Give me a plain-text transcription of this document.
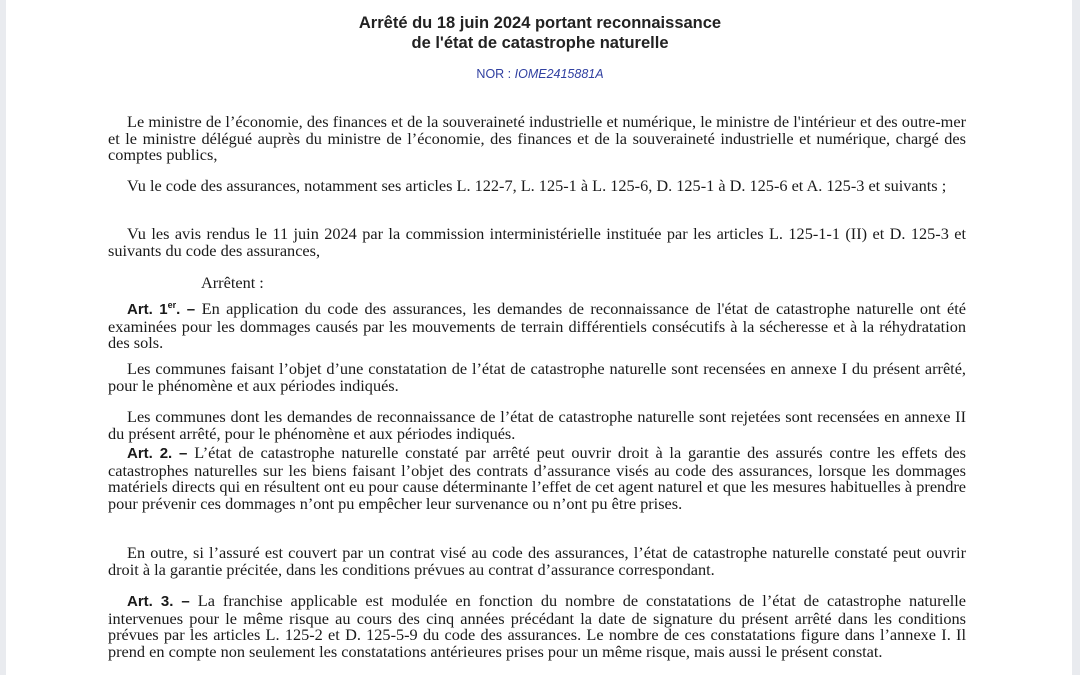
Arrêté du 18 juin 2024 portant reconnaissance
de l'état de catastrophe naturelle
NOR : IOME2415881A

Le ministre de l’économie, des finances et de la souveraineté industrielle et numérique, le ministre de l'intérieur et des outre-mer et le ministre délégué auprès du ministre de l’économie, des finances et de la souveraineté industrielle et numérique, chargé des comptes publics,

Vu le code des assurances, notamment ses articles L. 122-7, L. 125-1 à L. 125-6, D. 125-1 à D. 125-6 et A. 125-3 et suivants ;

Vu les avis rendus le 11 juin 2024 par la commission interministérielle instituée par les articles L. 125-1-1 (II) et D. 125-3 et suivants du code des assurances,

Arrêtent :

Art. 1er. – En application du code des assurances, les demandes de reconnaissance de l'état de catastrophe naturelle ont été examinées pour les dommages causés par les mouvements de terrain différentiels consécutifs à la sécheresse et à la réhydratation des sols.

Les communes faisant l’objet d’une constatation de l’état de catastrophe naturelle sont recensées en annexe I du présent arrêté, pour le phénomène et aux périodes indiqués.

Les communes dont les demandes de reconnaissance de l’état de catastrophe naturelle sont rejetées sont recensées en annexe II du présent arrêté, pour le phénomène et aux périodes indiqués.

Art. 2. – L’état de catastrophe naturelle constaté par arrêté peut ouvrir droit à la garantie des assurés contre les effets des catastrophes naturelles sur les biens faisant l’objet des contrats d’assurance visés au code des assurances, lorsque les dommages matériels directs qui en résultent ont eu pour cause déterminante l’effet de cet agent naturel et que les mesures habituelles à prendre pour prévenir ces dommages n’ont pu empêcher leur survenance ou n’ont pu être prises.

En outre, si l’assuré est couvert par un contrat visé au code des assurances, l’état de catastrophe naturelle constaté peut ouvrir droit à la garantie précitée, dans les conditions prévues au contrat d’assurance correspondant.

Art. 3. – La franchise applicable est modulée en fonction du nombre de constatations de l’état de catastrophe naturelle intervenues pour le même risque au cours des cinq années précédant la date de signature du présent arrêté dans les conditions prévues par les articles L. 125-2 et D. 125-5-9 du code des assurances. Le nombre de ces constatations figure dans l’annexe I. Il prend en compte non seulement les constatations antérieures prises pour un même risque, mais aussi le présent constat.
